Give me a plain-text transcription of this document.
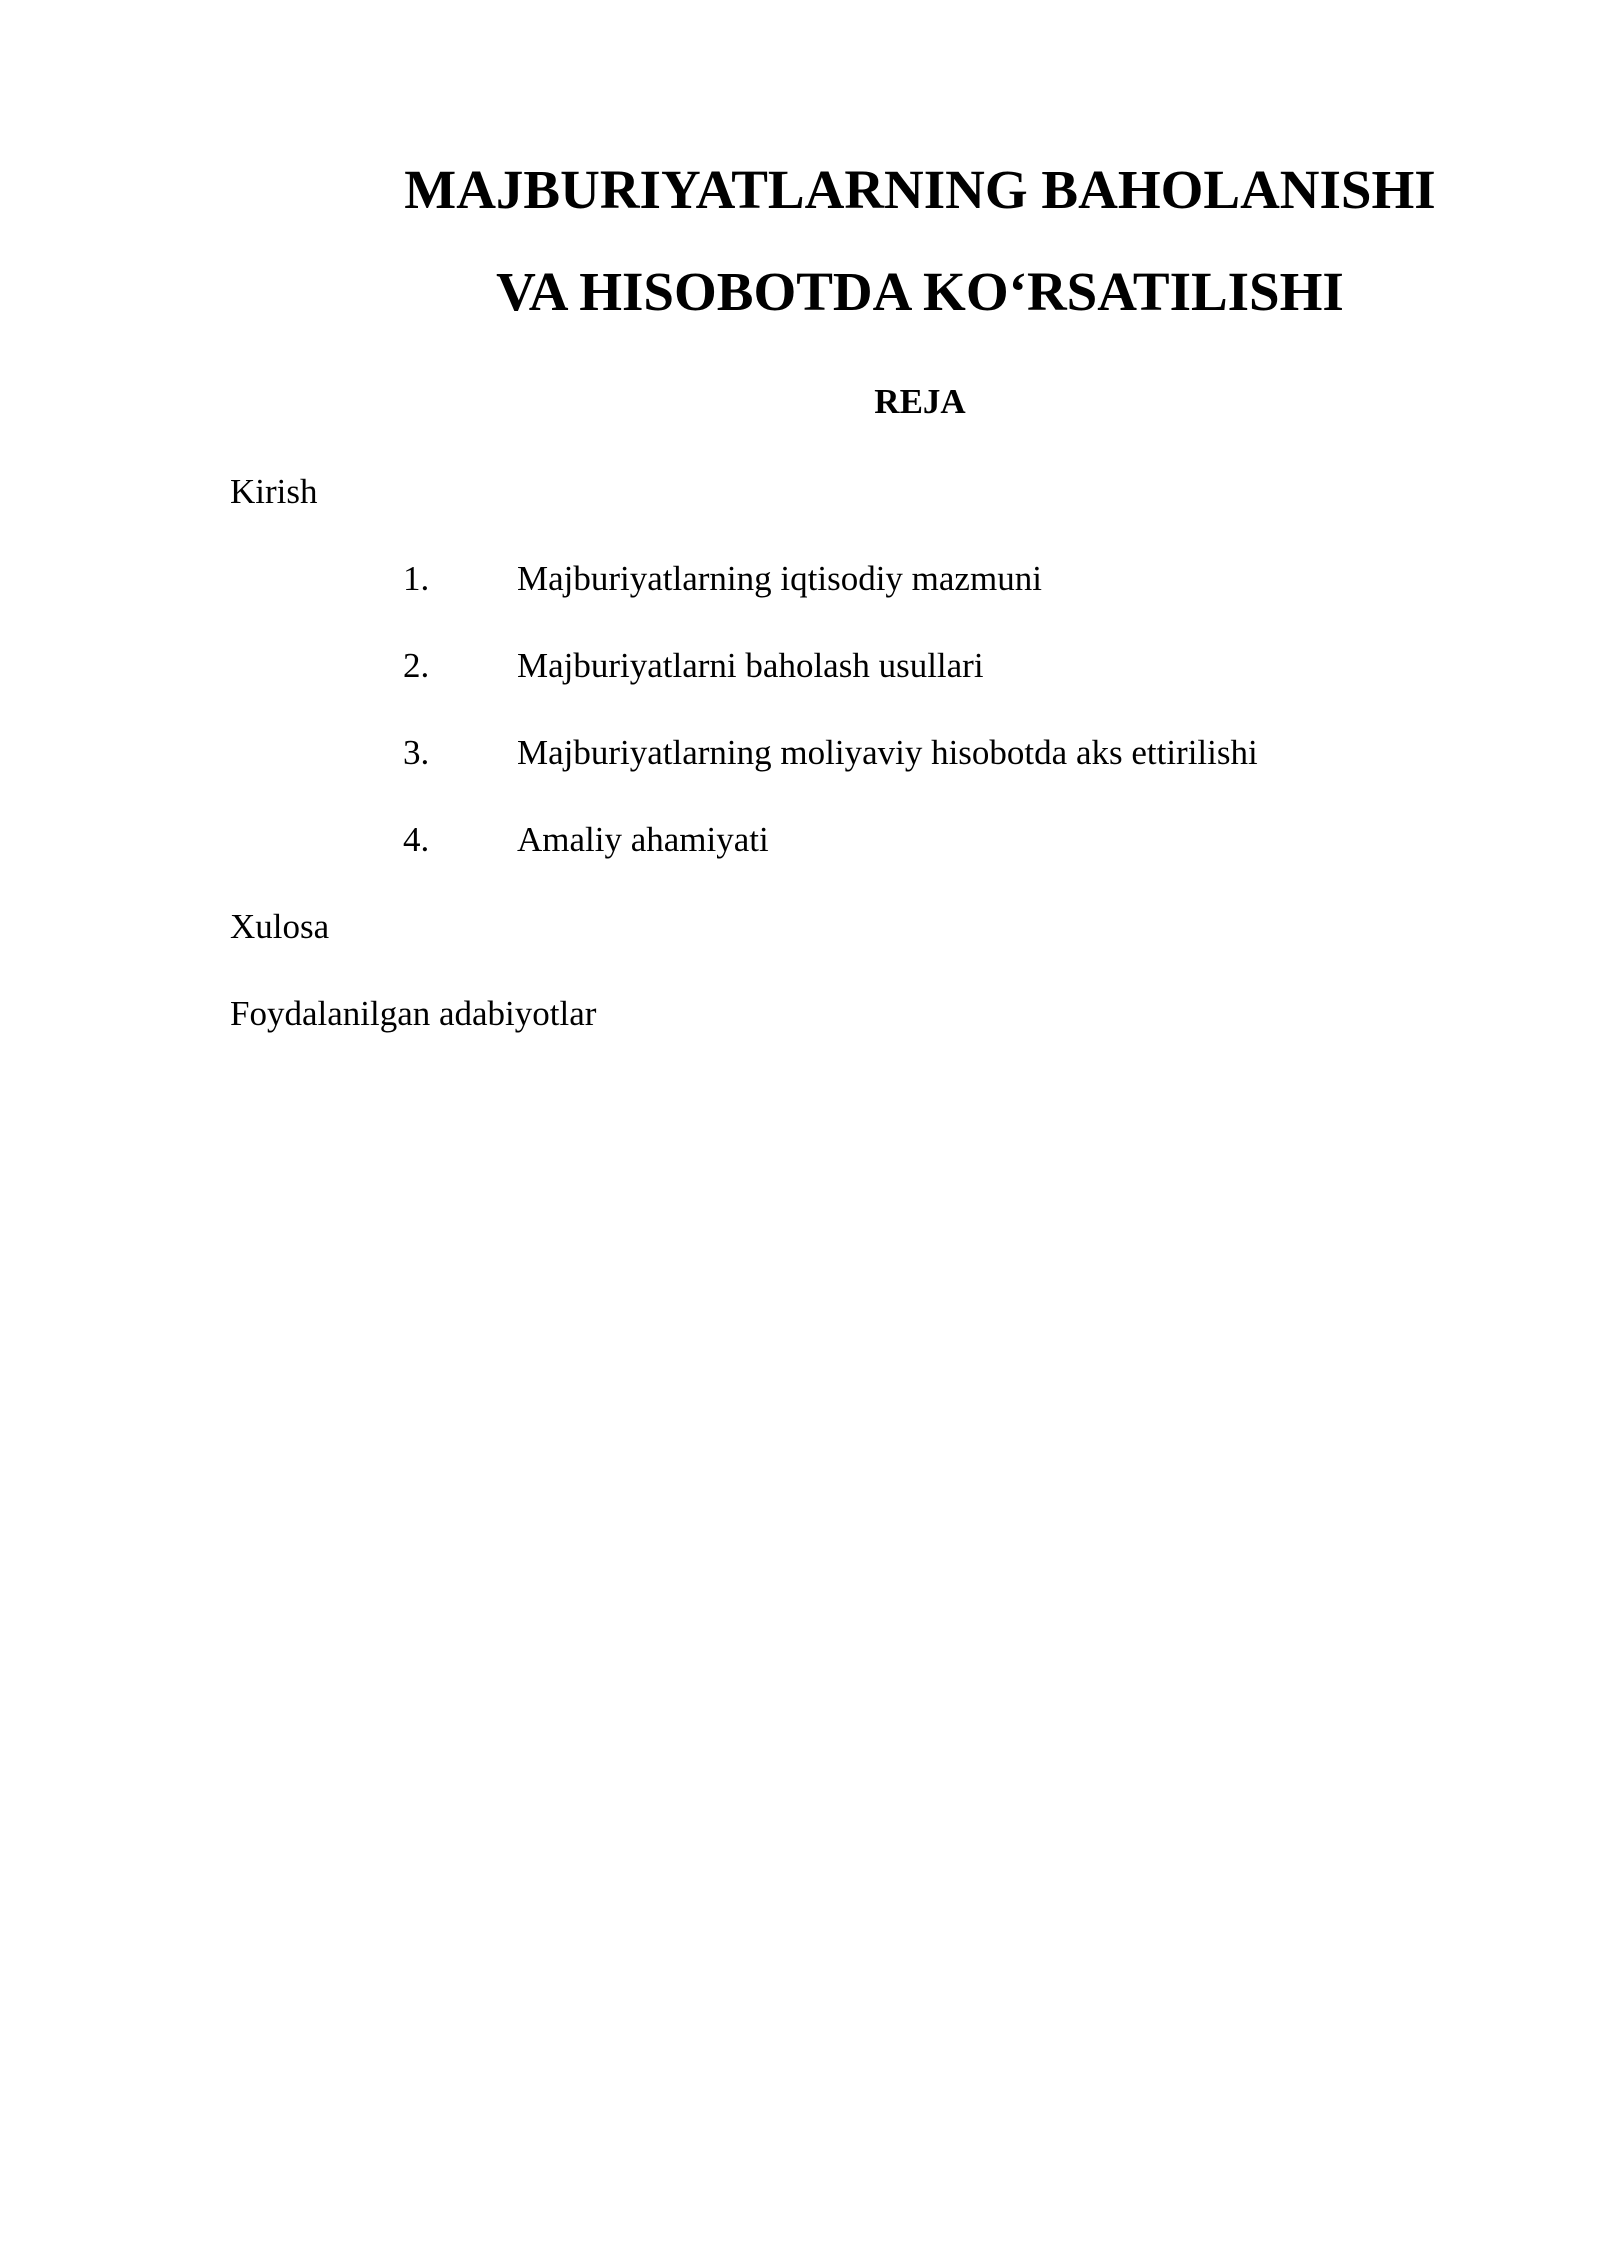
MAJBURIYATLARNING BAHOLANISHI
VA HISOBOTDA KO‘RSATILISHI
REJA
Kirish
1.	Majburiyatlarning iqtisodiy mazmuni
2.	Majburiyatlarni baholash usullari
3.	Majburiyatlarning moliyaviy hisobotda aks ettirilishi
4.	Amaliy ahamiyati
Xulosa
Foydalanilgan adabiyotlar
